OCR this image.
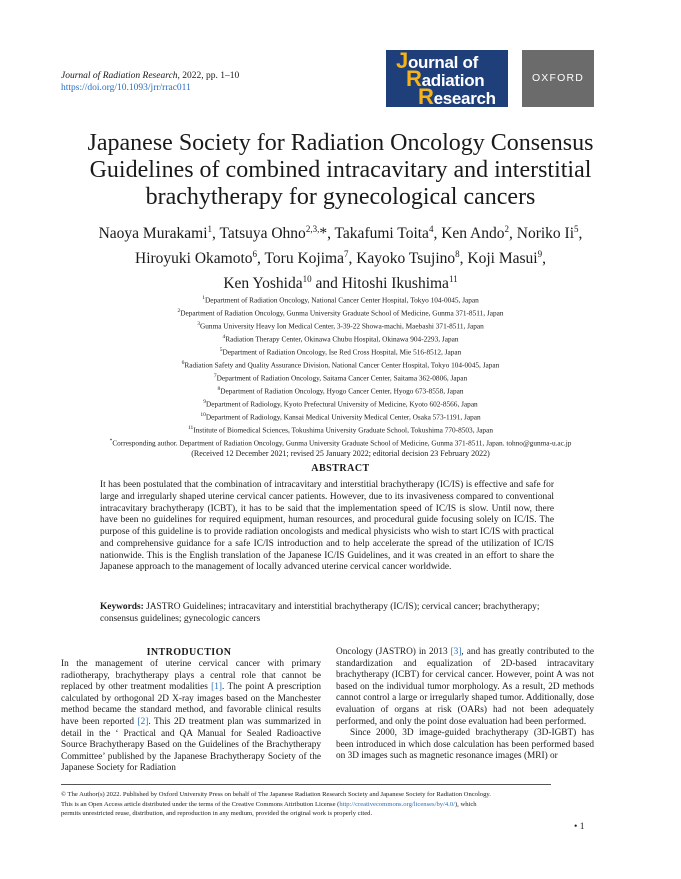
Journal of Radiation Research, 2022, pp. 1–10
https://doi.org/10.1093/jrr/rrac011
Journal of
Radiation
Research
OXFORD
Japanese Society for Radiation Oncology Consensus Guidelines of combined intracavitary and interstitial brachytherapy for gynecological cancers
Naoya Murakami$^1$, Tatsuya Ohno$^{2,3,}$*, Takafumi Toita$^4$, Ken Ando$^2$, Noriko Ii$^5$,
Hiroyuki Okamoto$^6$, Toru Kojima$^7$, Kayoko Tsujino$^8$, Koji Masui$^9$,
Ken Yoshida$^{10}$ and Hitoshi Ikushima$^{11}$
$^1$Department of Radiation Oncology, National Cancer Center Hospital, Tokyo 104-0045, Japan
$^2$Department of Radiation Oncology, Gunma University Graduate School of Medicine, Gunma 371-8511, Japan
$^3$Gunma University Heavy Ion Medical Center, 3-39-22 Showa-machi, Maebashi 371-8511, Japan
$^4$Radiation Therapy Center, Okinawa Chubu Hospital, Okinawa 904-2293, Japan
$^5$Department of Radiation Oncology, Ise Red Cross Hospital, Mie 516-8512, Japan
$^6$Radiation Safety and Quality Assurance Division, National Cancer Center Hospital, Tokyo 104-0045, Japan
$^7$Department of Radiation Oncology, Saitama Cancer Center, Saitama 362-0806, Japan
$^8$Department of Radiation Oncology, Hyogo Cancer Center, Hyogo 673-8558, Japan
$^9$Department of Radiology, Kyoto Prefectural University of Medicine, Kyoto 602-8566, Japan
$^{10}$Department of Radiology, Kansai Medical University Medical Center, Osaka 573-1191, Japan
$^{11}$Institute of Biomedical Sciences, Tokushima University Graduate School, Tokushima 770-8503, Japan
*Corresponding author. Department of Radiation Oncology, Gunma University Graduate School of Medicine, Gunma 371-8511, Japan. tohno@gunma-u.ac.jp
(Received 12 December 2021; revised 25 January 2022; editorial decision 23 February 2022)
ABSTRACT
It has been postulated that the combination of intracavitary and interstitial brachytherapy (IC/IS) is effective and safe for large and irregularly shaped uterine cervical cancer patients. However, due to its invasiveness compared to conventional intracavitary brachytherapy (ICBT), it has to be said that the implementation speed of IC/IS is slow. Until now, there have been no guidelines for required equipment, human resources, and procedural guide focusing solely on IC/IS. The purpose of this guideline is to provide radiation oncologists and medical physicists who wish to start IC/IS with practical and comprehensive guidance for a safe IC/IS introduction and to help accelerate the spread of the utilization of IC/IS nationwide. This is the English translation of the Japanese IC/IS Guidelines, and it was created in an effort to share the Japanese approach to the management of locally advanced uterine cervical cancer worldwide.
Keywords: JASTRO Guidelines; intracavitary and interstitial brachytherapy (IC/IS); cervical cancer; brachytherapy; consensus guidelines; gynecologic cancers
INTRODUCTION

In the management of uterine cervical cancer with primary radiotherapy, brachytherapy plays a central role that cannot be replaced by other treatment modalities [1]. The point A prescription calculated by orthogonal 2D X-ray images based on the Manchester method became the standard method, and favorable clinical results have been reported [2]. This 2D treatment plan was summarized in detail in the ‘ Practical and QA Manual for Sealed Radioactive Source Brachytherapy Based on the Guidelines of the Brachytherapy Committee’ published by the Japanese Brachytherapy Society of the Japanese Society for Radiation

Oncology (JASTRO) in 2013 [3], and has greatly contributed to the standardization and equalization of 2D-based intracavitary brachytherapy (ICBT) for cervical cancer. However, point A was not based on the individual tumor morphology. As a result, 2D methods cannot control a large or irregularly shaped tumor. Additionally, dose evaluation of organs at risk (OARs) had not been adequately performed, and only the point dose evaluation had been performed.

Since 2000, 3D image-guided brachytherapy (3D-IGBT) has been introduced in which dose calculation has been performed based on 3D images such as magnetic resonance images (MRI) or

© The Author(s) 2022. Published by Oxford University Press on behalf of The Japanese Radiation Research Society and Japanese Society for Radiation Oncology.
This is an Open Access article distributed under the terms of the Creative Commons Attribution License (http://creativecommons.org/licenses/by/4.0/), which
permits unrestricted reuse, distribution, and reproduction in any medium, provided the original work is properly cited.
• 1
